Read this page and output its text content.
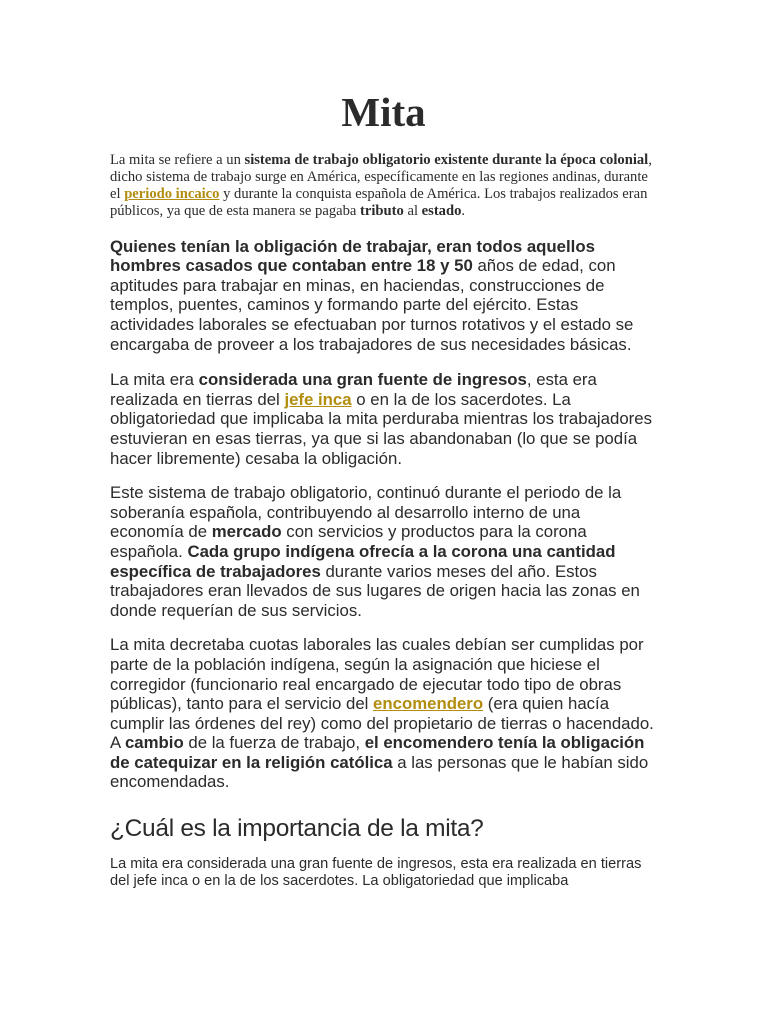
Mita

La mita se refiere a un sistema de trabajo obligatorio existente durante la época colonial, dicho sistema de trabajo surge en América, específicamente en las regiones andinas, durante el periodo incaico y durante la conquista española de América. Los trabajos realizados eran públicos, ya que de esta manera se pagaba tributo al estado.

Quienes tenían la obligación de trabajar, eran todos aquellos hombres casados que contaban entre 18 y 50 años de edad, con aptitudes para trabajar en minas, en haciendas, construcciones de templos, puentes, caminos y formando parte del ejército. Estas actividades laborales se efectuaban por turnos rotativos y el estado se encargaba de proveer a los trabajadores de sus necesidades básicas.

La mita era considerada una gran fuente de ingresos, esta era realizada en tierras del jefe inca o en la de los sacerdotes. La obligatoriedad que implicaba la mita perduraba mientras los trabajadores estuvieran en esas tierras, ya que si las abandonaban (lo que se podía hacer libremente) cesaba la obligación.

Este sistema de trabajo obligatorio, continuó durante el periodo de la soberanía española, contribuyendo al desarrollo interno de una economía de mercado con servicios y productos para la corona española. Cada grupo indígena ofrecía a la corona una cantidad específica de trabajadores durante varios meses del año. Estos trabajadores eran llevados de sus lugares de origen hacia las zonas en donde requerían de sus servicios.

La mita decretaba cuotas laborales las cuales debían ser cumplidas por parte de la población indígena, según la asignación que hiciese el corregidor (funcionario real encargado de ejecutar todo tipo de obras públicas), tanto para el servicio del encomendero (era quien hacía cumplir las órdenes del rey) como del propietario de tierras o hacendado. A cambio de la fuerza de trabajo, el encomendero tenía la obligación de catequizar en la religión católica a las personas que le habían sido encomendadas.

¿Cuál es la importancia de la mita?

La mita era considerada una gran fuente de ingresos, esta era realizada en tierras del jefe inca o en la de los sacerdotes. La obligatoriedad que implicaba
